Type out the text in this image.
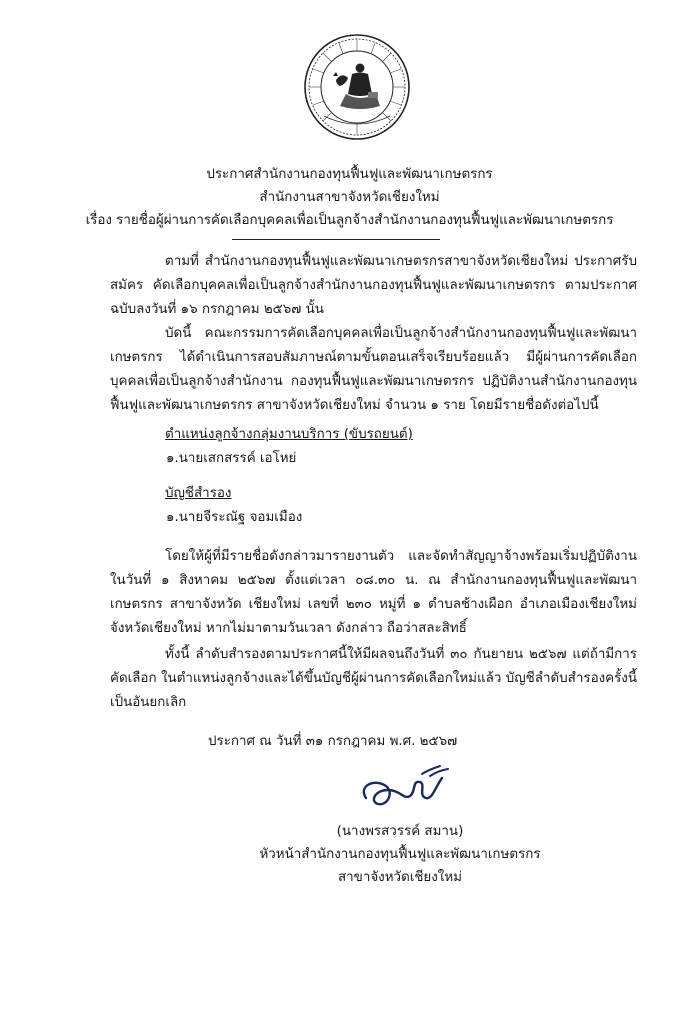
ประกาศสำนักงานกองทุนฟื้นฟูและพัฒนาเกษตรกร
สำนักงานสาขาจังหวัดเชียงใหม่
เรื่อง รายชื่อผู้ผ่านการคัดเลือกบุคคลเพื่อเป็นลูกจ้างสำนักงานกองทุนฟื้นฟูและพัฒนาเกษตรกร

ตามที่ สำนักงานกองทุนฟื้นฟูและพัฒนาเกษตรกรสาขาจังหวัดเชียงใหม่ ประกาศรับสมัคร คัดเลือกบุคคลเพื่อเป็นลูกจ้างสำนักงานกองทุนฟื้นฟูและพัฒนาเกษตรกร ตามประกาศฉบับลงวันที่ ๑๖ กรกฎาคม ๒๕๖๗ นั้น

บัดนี้ คณะกรรมการคัดเลือกบุคคลเพื่อเป็นลูกจ้างสำนักงานกองทุนฟื้นฟูและพัฒนาเกษตรกร ได้ดำเนินการสอบสัมภาษณ์ตามขั้นตอนเสร็จเรียบร้อยแล้ว มีผู้ผ่านการคัดเลือกบุคคลเพื่อเป็นลูกจ้างสำนักงาน กองทุนฟื้นฟูและพัฒนาเกษตรกร ปฏิบัติงานสำนักงานกองทุนฟื้นฟูและพัฒนาเกษตรกร สาขาจังหวัดเชียงใหม่ จำนวน ๑ ราย โดยมีรายชื่อดังต่อไปนี้

ตำแหน่งลูกจ้างกลุ่มงานบริการ (ขับรถยนต์)
๑.นายเสกสรรค์ เอโหย่
บัญชีสำรอง
๑.นายจีระณัฐ จอมเมือง

โดยให้ผู้ที่มีรายชื่อดังกล่าวมารายงานตัว และจัดทำสัญญาจ้างพร้อมเริ่มปฏิบัติงาน ในวันที่ ๑ สิงหาคม ๒๕๖๗ ตั้งแต่เวลา ๐๘.๓๐ น. ณ สำนักงานกองทุนฟื้นฟูและพัฒนาเกษตรกร สาขาจังหวัด เชียงใหม่ เลขที่ ๒๓๐ หมู่ที่ ๑ ตำบลช้างเผือก อำเภอเมืองเชียงใหม่ จังหวัดเชียงใหม่ หากไม่มาตามวันเวลา ดังกล่าว ถือว่าสละสิทธิ์

ทั้งนี้ ลำดับสำรองตามประกาศนี้ให้มีผลจนถึงวันที่ ๓๐ กันยายน ๒๕๖๗ แต่ถ้ามีการคัดเลือก ในตำแหน่งลูกจ้างและได้ขึ้นบัญชีผู้ผ่านการคัดเลือกใหม่แล้ว บัญชีลำดับสำรองครั้งนี้เป็นอันยกเลิก

ประกาศ ณ วันที่ ๓๑ กรกฎาคม พ.ศ. ๒๕๖๗
(นางพรสวรรค์ สมาน)
หัวหน้าสำนักงานกองทุนฟื้นฟูและพัฒนาเกษตรกร
สาขาจังหวัดเชียงใหม่
